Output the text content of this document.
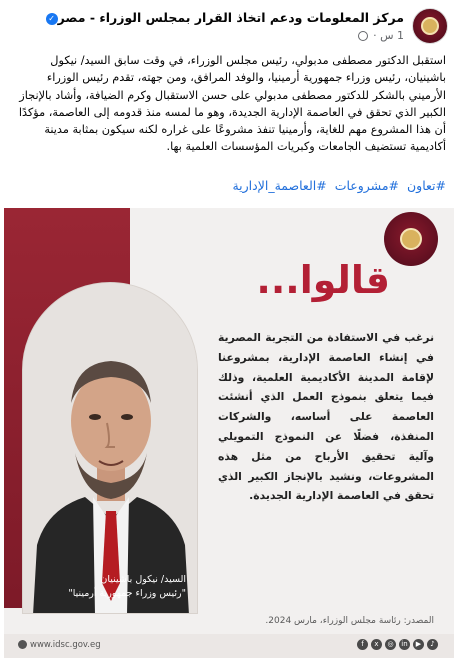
مركز المعلومات ودعم اتخاذ القرار بمجلس الوزراء - مصر✓
1 س ·
استقبل الدكتور مصطفى مدبولي، رئيس مجلس الوزراء، في وقت سابق السيد/ نيكول باشينيان، رئيس وزراء جمهورية أرمينيا، والوفد المرافق، ومن جهته، تقدم رئيس الوزراء الأرميني بالشكر للدكتور مصطفى مدبولي على حسن الاستقبال وكرم الضيافة، وأشاد بالإنجاز الكبير الذي تحقق في العاصمة الإدارية الجديدة، وهو ما لمسه منذ قدومه إلى العاصمة، مؤكدًا أن هذا المشروع مهم للغاية، وأرمينيا تنفذ مشروعًا على غراره لكنه سيكون بمثابة مدينة أكاديمية تستضيف الجامعات وكبريات المؤسسات العلمية بها.
#تعاون #مشروعات #العاصمة_الإدارية
قالوا...
السيد/ نيكول باشينيان
"رئيس وزراء جمهورية أرمينيا"
نرغب في الاستفادة من التجربة المصرية في إنشاء العاصمة الإدارية، بمشروعنا لإقامة المدينة الأكاديمية العلمية، وذلك فيما يتعلق بنموذج العمل الذي أنشئت العاصمة على أساسه، والشركات المنفذة، فضلًا عن النموذج التمويلي وآلية تحقيق الأرباح من مثل هذه المشروعات، ونشيد بالإنجاز الكبير الذي تحقق في العاصمة الإدارية الجديدة.
المصدر: رئاسة مجلس الوزراء، مارس 2024.
www.idsc.gov.eg	f	x	◎	in	▶	♪
